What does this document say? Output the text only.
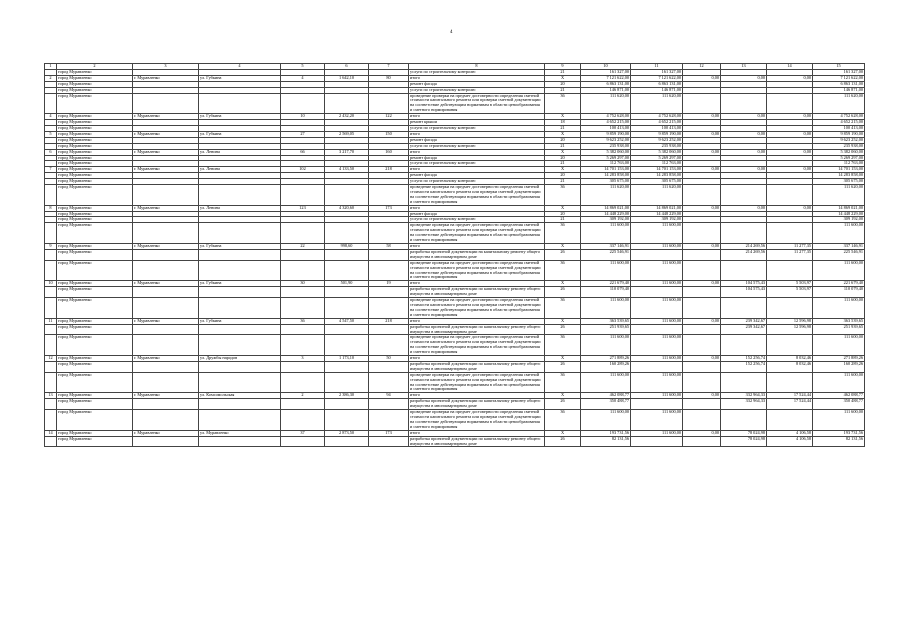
4
1	2	3	4	5	6	7	8	9	10	11	12	13	14	15
	город Муравленко						услуги по строительному контролю	21	161 327,00	161 327,00				161 327,00
2	город Муравленко	г. Муравленко	ул. Губкина	4	1 642,10	80	итого	X	7 121 622,00	7 121 622,00	0,00	0,00	0,00	7 121 622,00
	город Муравленко						ремонт фасада	20	6 863 131,00	6 863 131,00				6 863 131,00
	город Муравленко						услуги по строительному контролю	21	146 871,00	146 871,00				146 871,00
	город Муравленко						проведение проверки на предмет достоверности определения сметной стоимости капитального ремонта или проверки сметной документации на соответствие действующим нормативам в области ценообразования и сметного нормирования	36	111 620,00	111 620,00				111 620,00
4	город Муравленко	г. Муравленко	ул. Губкина	10	2 432,20	122	итого	X	4 752 628,00	4 752 628,00	0,00	0,00	0,00	4 752 628,00
	город Муравленко						ремонт крыши	18	4 652 215,00	4 652 215,00				4 652 215,00
	город Муравленко						услуги по строительному контролю	21	100 413,00	100 413,00				100 413,00
5	город Муравленко	г. Муравленко	ул. Губкина	27	2 569,05	150	итого	X	9 859 190,00	9 859 190,00	0,00	0,00	0,00	9 859 190,00
	город Муравленко						ремонт фасада	20	9 623 252,00	9 623 252,00				9 623 252,00
	город Муравленко						услуги по строительному контролю	21	235 938,00	235 938,00				235 938,00
6	город Муравленко	г. Муравленко	ул. Ленина	66	3 217,70	160	итого	X	5 382 060,00	5 382 060,00	0,00	0,00	0,00	5 382 060,00
	город Муравленко						ремонт фасада	20	5 269 297,00	5 269 297,00				5 269 297,00
	город Муравленко						услуги по строительному контролю	21	112 763,00	112 763,00				112 763,00
7	город Муравленко	г. Муравленко	ул. Ленина	102	4 133,50	218	итого	X	14 701 153,00	14 701 153,00	0,00	0,00	0,00	14 701 153,00
	город Муравленко						ремонт фасада	20	14 283 858,00	14 283 858,00				14 283 858,00
	город Муравленко						услуги по строительному контролю	21	305 675,00	305 675,00				305 675,00
	город Муравленко						проведение проверки на предмет достоверности определения сметной стоимости капитального ремонта или проверки сметной документации на соответствие действующим нормативам в области ценообразования и сметного нормирования	36	111 620,00	111 620,00				111 620,00
8	город Муравленко	г. Муравленко	ул. Ленина	123	4 320,60	173	итого	X	14 869 021,00	14 869 021,00	0,00	0,00	0,00	14 869 021,00
	город Муравленко						ремонт фасада	20	14 448 229,00	14 448 229,00				14 448 229,00
	город Муравленко						услуги по строительному контролю	21	309 192,00	309 192,00				309 192,00
	город Муравленко						проведение проверки на предмет достоверности определения сметной стоимости капитального ремонта или проверки сметной документации на соответствие действующим нормативам в области ценообразования и сметного нормирования	36	111 600,00	111 600,00				111 600,00
9	город Муравленко	г. Муравленко	ул. Губкина	22	998,60	58	итого	X	337 146,91	111 600,00	0,00	214 269,56	11 277,35	337 146,91
	город Муравленко						разработка проектной документации на капитальному ремонту общего имущества в многоквартирном доме	26	225 546,91			214 269,56	11 277,35	225 546,91
	город Муравленко						проведение проверки на предмет достоверности определения сметной стоимости капитального ремонта или проверки сметной документации на соответствие действующим нормативам в области ценообразования и сметного нормирования	36	111 600,00	111 600,00				111 600,00
10	город Муравленко	г. Муравленко	ул. Губкина	30	501,90	19	итого	X	221 679,40	111 600,00	0,00	104 575,43	5 503,97	221 679,40
	город Муравленко						разработка проектной документации по капитальному ремонту общего имущества в многоквартирном доме	26	110 079,40			104 575,43	5 503,97	110 079,40
	город Муравленко						проведение проверки на предмет достоверности определения сметной стоимости капитального ремонта или проверки сметной документации на соответствие действующим нормативам в области ценообразования и сметного нормирования	36	111 600,00	111 600,00				111 600,00
11	город Муравленко	г. Муравленко	ул. Губкина	36	4 547,50	218	итого	X	363 539,65	111 600,00	0,00	239 342,67	12 596,98	363 539,65
	город Муравленко						разработка проектной документации по капитальному ремонту общего имущества в многоквартирном доме	26	251 939,65			239 342,67	12 596,98	251 939,65
	город Муравленко						проведение проверки на предмет достоверности определения сметной стоимости капитального ремонта или проверки сметной документации на соответствие действующим нормативам в области ценообразования и сметного нормирования	36	111 600,00	111 600,00				111 600,00
12	город Муравленко	г. Муравленко	ул. Дружбы народов	3	1 173,10	50	итого	X	271 889,26	111 600,00	0,00	152 256,74	8 032,46	271 889,26
	город Муравленко						разработка проектной документации по капитальному ремонту общего имущества в многоквартирном доме	26	160 289,26			152 256,74	8 032,46	160 289,26
	город Муравленко						проведение проверки на предмет достоверности определения сметной стоимости капитального ремонта или проверки сметной документации на соответствие действующим нормативам в области ценообразования и сметного нормирования	36	111 600,00	111 600,00				111 600,00
13	город Муравленко	г. Муравленко	ул. Комсомольская	2	2 386,30	94	итого	X	462 088,77	111 600,00	0,00	332 964,33	17 524,44	462 088,77
	город Муравленко						разработка проектной документации по капитальному ремонту общего имущества в многоквартирном доме	26	350 488,77			332 964,33	17 524,44	350 488,77
	город Муравленко						проведение проверки на предмет достоверности определения сметной стоимости капитального ремонта или проверки сметной документации на соответствие действующим нормативам в области ценообразования и сметного нормирования	36	111 600,00	111 600,00				111 600,00
14	город Муравленко	г. Муравленко	ул. Муравленко	37	2 873,50	173	итого	X	193 731,56	111 600,00	0,00	78 024,98	4 106,58	193 731,56
	город Муравленко						разработка проектной документации по капитальному ремонту общего имущества в многоквартирном доме	26	82 131,56			78 024,98	4 106,58	82 131,56
